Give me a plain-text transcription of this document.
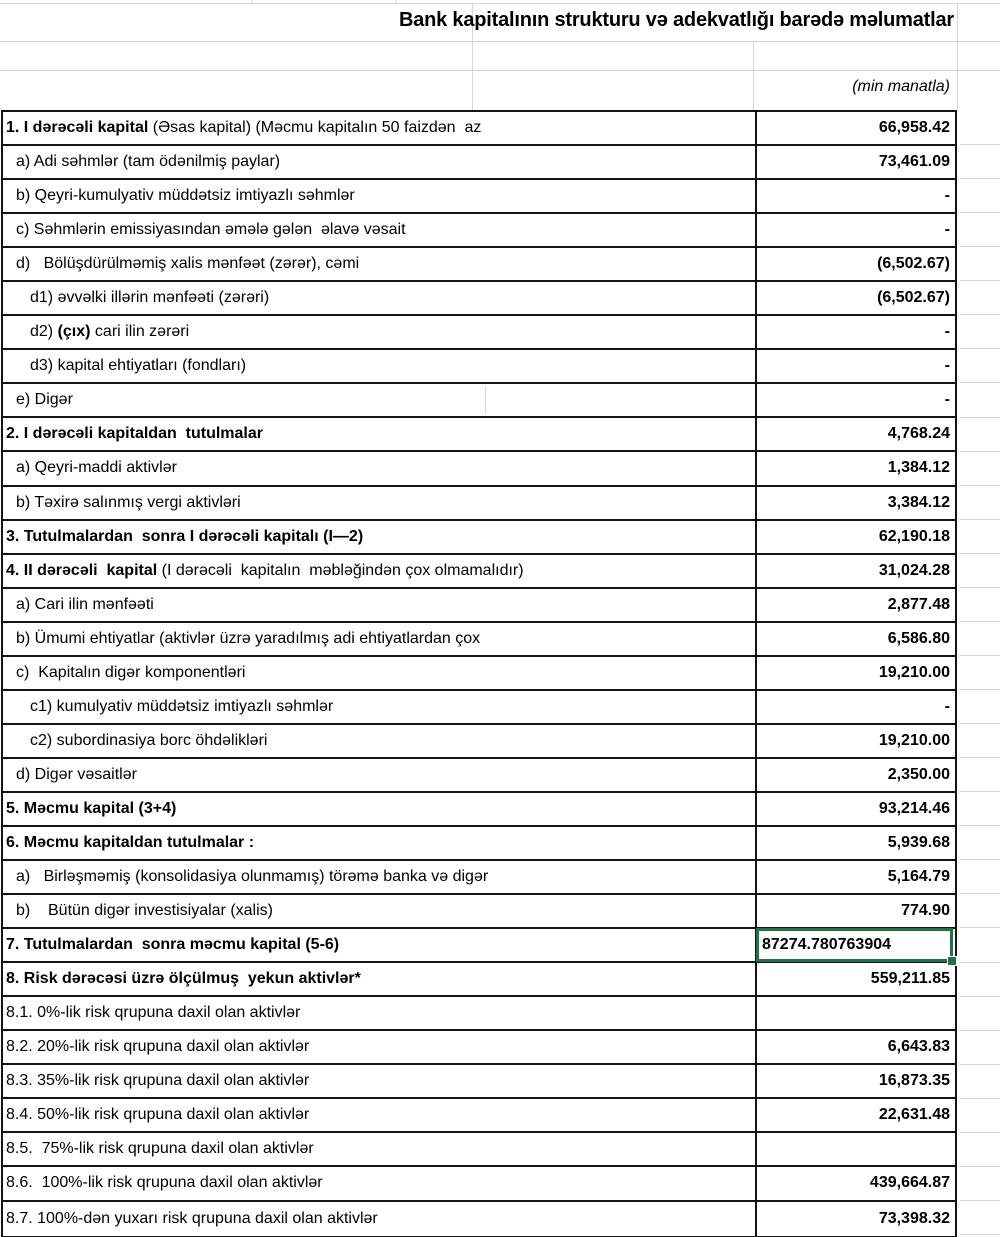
Bank kapitalının strukturu və adekvatlığı barədə məlumatlar
(min manatla)
1. I dərəcəli kapital (Əsas kapital) (Məcmu kapitalın 50 faizdən  az	66,958.42
a) Adi səhmlər (tam ödənilmiş paylar)	73,461.09
b) Qeyri-kumulyativ müddətsiz imtiyazlı səhmlər	-
c) Səhmlərin emissiyasından əmələ gələn  əlavə vəsait	-
d)   Bölüşdürülməmiş xalis mənfəət (zərər), cəmi	(6,502.67)
d1) əvvəlki illərin mənfəəti (zərəri)	(6,502.67)
d2) (çıx) cari ilin zərəri	-
d3) kapital ehtiyatları (fondları)	-
e) Digər	-
2. I dərəcəli kapitaldan  tutulmalar	4,768.24
a) Qeyri-maddi aktivlər	1,384.12
b) Təxirə salınmış vergi aktivləri	3,384.12
3. Tutulmalardan  sonra I dərəcəli kapitalı (I—2)	62,190.18
4. II dərəcəli  kapital (I dərəcəli  kapitalın  məbləğindən çox olmamalıdır)	31,024.28
a) Cari ilin mənfəəti	2,877.48
b) Ümumi ehtiyatlar (aktivlər üzrə yaradılmış adi ehtiyatlardan çox	6,586.80
c)  Kapitalın digər komponentləri	19,210.00
c1) kumulyativ müddətsiz imtiyazlı səhmlər	-
c2) subordinasiya borc öhdəlikləri	19,210.00
d) Digər vəsaitlər	2,350.00
5. Məcmu kapital (3+4)	93,214.46
6. Məcmu kapitaldan tutulmalar :	5,939.68
a)   Birləşməmiş (konsolidasiya olunmamış) törəmə banka və digər	5,164.79
b)    Bütün digər investisiyalar (xalis)	774.90
7. Tutulmalardan  sonra məcmu kapital (5-6)	87274.780763904
8. Risk dərəcəsi üzrə ölçülmuş  yekun aktivlər*	559,211.85
8.1. 0%-lik risk qrupuna daxil olan aktivlər
8.2. 20%-lik risk qrupuna daxil olan aktivlər	6,643.83
8.3. 35%-lik risk qrupuna daxil olan aktivlər	16,873.35
8.4. 50%-lik risk qrupuna daxil olan aktivlər	22,631.48
8.5.  75%-lik risk qrupuna daxil olan aktivlər
8.6.  100%-lik risk qrupuna daxil olan aktivlər	439,664.87
8.7. 100%-dən yuxarı risk qrupuna daxil olan aktivlər	73,398.32
